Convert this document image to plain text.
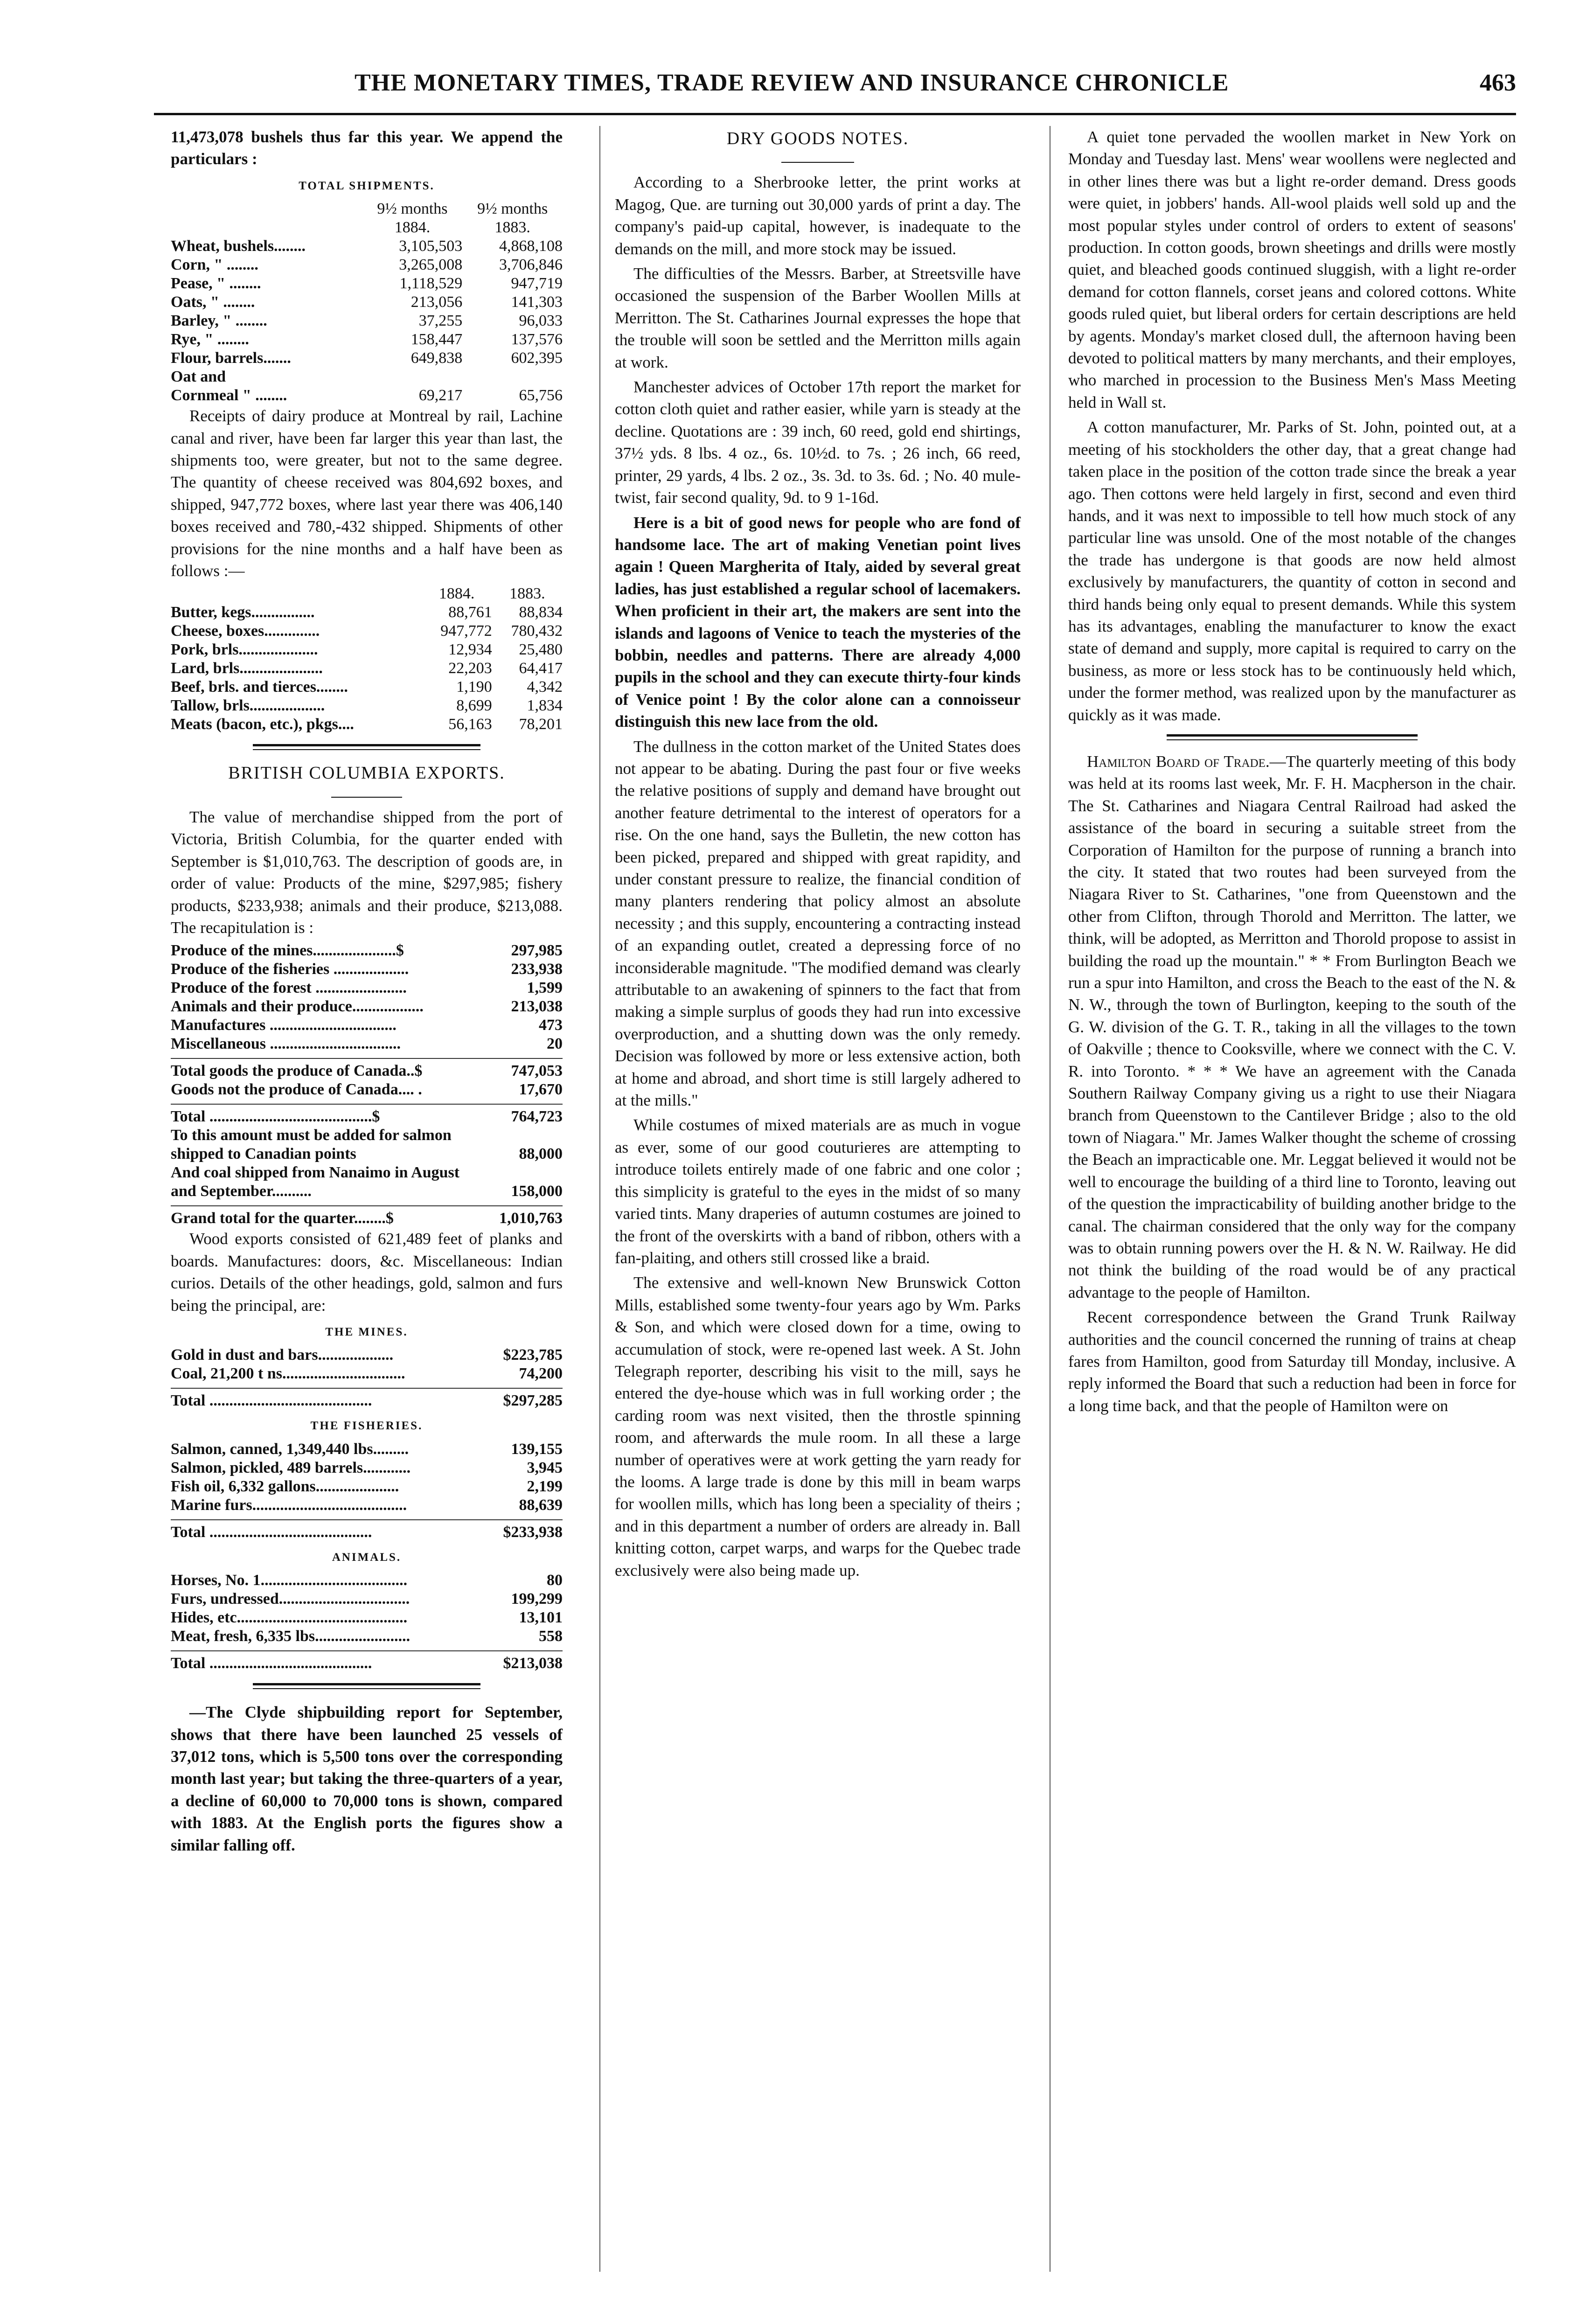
THE MONETARY TIMES, TRADE REVIEW AND INSURANCE CHRONICLE	463

11,473,078 bushels thus far this year. We append the particulars :

TOTAL SHIPMENTS.
	9½ months	9½ months
	1884.	1883.
Wheat, bushels........	3,105,503	4,868,108
Corn, " ........	3,265,008	3,706,846
Pease, " ........	1,118,529	947,719
Oats, " ........	213,056	141,303
Barley, " ........	37,255	96,033
Rye, " ........	158,447	137,576
Flour, barrels.......	649,838	602,395
Oat and		
Cornmeal " ........	69,217	65,756

Receipts of dairy produce at Montreal by rail, Lachine canal and river, have been far larger this year than last, the shipments too, were greater, but not to the same degree. The quantity of cheese received was 804,692 boxes, and shipped, 947,772 boxes, where last year there was 406,140 boxes received and 780,-432 shipped. Shipments of other provisions for the nine months and a half have been as follows :—

	1884.	1883.
Butter, kegs................	88,761	88,834
Cheese, boxes..............	947,772	780,432
Pork, brls....................	12,934	25,480
Lard, brls.....................	22,203	64,417
Beef, brls. and tierces........	1,190	4,342
Tallow, brls...................	8,699	1,834
Meats (bacon, etc.), pkgs....	56,163	78,201
BRITISH COLUMBIA EXPORTS.

The value of merchandise shipped from the port of Victoria, British Columbia, for the quarter ended with September is $1,010,763. The description of goods are, in order of value: Products of the mine, $297,985; fishery products, $233,938; animals and their produce, $213,088. The recapitulation is :

Produce of the mines.....................$	297,985
Produce of the fisheries ...................	233,938
Produce of the forest .......................	1,599
Animals and their produce..................	213,038
Manufactures ................................	473
Miscellaneous .................................	20
Total goods the produce of Canada..$	747,053
Goods not the produce of Canada.... .	17,670
Total .........................................$	764,723
To this amount must be added for salmon shipped to Canadian points	88,000
And coal shipped from Nanaimo in August and September..........	158,000
Grand total for the quarter........$	1,010,763

Wood exports consisted of 621,489 feet of planks and boards. Manufactures: doors, &c. Miscellaneous: Indian curios. Details of the other headings, gold, salmon and furs being the principal, are:

THE MINES.
Gold in dust and bars...................	$223,785
Coal, 21,200 t ns...............................	74,200
Total .........................................	$297,285
THE FISHERIES.
Salmon, canned, 1,349,440 lbs.........	139,155
Salmon, pickled, 489 barrels............	3,945
Fish oil, 6,332 gallons.....................	2,199
Marine furs.......................................	88,639
Total .........................................	$233,938
ANIMALS.
Horses, No. 1.....................................	80
Furs, undressed.................................	199,299
Hides, etc...........................................	13,101
Meat, fresh, 6,335 lbs........................	558
Total .........................................	$213,038

—The Clyde shipbuilding report for September, shows that there have been launched 25 vessels of 37,012 tons, which is 5,500 tons over the corresponding month last year; but taking the three-quarters of a year, a decline of 60,000 to 70,000 tons is shown, compared with 1883. At the English ports the figures show a similar falling off.

DRY GOODS NOTES.

According to a Sherbrooke letter, the print works at Magog, Que. are turning out 30,000 yards of print a day. The company's paid-up capital, however, is inadequate to the demands on the mill, and more stock may be issued.

The difficulties of the Messrs. Barber, at Streetsville have occasioned the suspension of the Barber Woollen Mills at Merritton. The St. Catharines Journal expresses the hope that the trouble will soon be settled and the Merritton mills again at work.

Manchester advices of October 17th report the market for cotton cloth quiet and rather easier, while yarn is steady at the decline. Quotations are : 39 inch, 60 reed, gold end shirtings, 37½ yds. 8 lbs. 4 oz., 6s. 10½d. to 7s. ; 26 inch, 66 reed, printer, 29 yards, 4 lbs. 2 oz., 3s. 3d. to 3s. 6d. ; No. 40 mule-twist, fair second quality, 9d. to 9 1-16d.

Here is a bit of good news for people who are fond of handsome lace. The art of making Venetian point lives again ! Queen Margherita of Italy, aided by several great ladies, has just established a regular school of lacemakers. When proficient in their art, the makers are sent into the islands and lagoons of Venice to teach the mysteries of the bobbin, needles and patterns. There are already 4,000 pupils in the school and they can execute thirty-four kinds of Venice point ! By the color alone can a connoisseur distinguish this new lace from the old.

The dullness in the cotton market of the United States does not appear to be abating. During the past four or five weeks the relative positions of supply and demand have brought out another feature detrimental to the interest of operators for a rise. On the one hand, says the Bulletin, the new cotton has been picked, prepared and shipped with great rapidity, and under constant pressure to realize, the financial condition of many planters rendering that policy almost an absolute necessity ; and this supply, encountering a contracting instead of an expanding outlet, created a depressing force of no inconsiderable magnitude. "The modified demand was clearly attributable to an awakening of spinners to the fact that from making a simple surplus of goods they had run into excessive overproduction, and a shutting down was the only remedy. Decision was followed by more or less extensive action, both at home and abroad, and short time is still largely adhered to at the mills."

While costumes of mixed materials are as much in vogue as ever, some of our good couturieres are attempting to introduce toilets entirely made of one fabric and one color ; this simplicity is grateful to the eyes in the midst of so many varied tints. Many draperies of autumn costumes are joined to the front of the overskirts with a band of ribbon, others with a fan-plaiting, and others still crossed like a braid.

The extensive and well-known New Brunswick Cotton Mills, established some twenty-four years ago by Wm. Parks & Son, and which were closed down for a time, owing to accumulation of stock, were re-opened last week. A St. John Telegraph reporter, describing his visit to the mill, says he entered the dye-house which was in full working order ; the carding room was next visited, then the throstle spinning room, and afterwards the mule room. In all these a large number of operatives were at work getting the yarn ready for the looms. A large trade is done by this mill in beam warps for woollen mills, which has long been a speciality of theirs ; and in this department a number of orders are already in. Ball knitting cotton, carpet warps, and warps for the Quebec trade exclusively were also being made up.

A quiet tone pervaded the woollen market in New York on Monday and Tuesday last. Mens' wear woollens were neglected and in other lines there was but a light re-order demand. Dress goods were quiet, in jobbers' hands. All-wool plaids well sold up and the most popular styles under control of orders to extent of seasons' production. In cotton goods, brown sheetings and drills were mostly quiet, and bleached goods continued sluggish, with a light re-order demand for cotton flannels, corset jeans and colored cottons. White goods ruled quiet, but liberal orders for certain descriptions are held by agents. Monday's market closed dull, the afternoon having been devoted to political matters by many merchants, and their employes, who marched in procession to the Business Men's Mass Meeting held in Wall st.

A cotton manufacturer, Mr. Parks of St. John, pointed out, at a meeting of his stockholders the other day, that a great change had taken place in the position of the cotton trade since the break a year ago. Then cottons were held largely in first, second and even third hands, and it was next to impossible to tell how much stock of any particular line was unsold. One of the most notable of the changes the trade has undergone is that goods are now held almost exclusively by manufacturers, the quantity of cotton in second and third hands being only equal to present demands. While this system has its advantages, enabling the manufacturer to know the exact state of demand and supply, more capital is required to carry on the business, as more or less stock has to be continuously held which, under the former method, was realized upon by the manufacturer as quickly as it was made.

Hamilton Board of Trade.—The quarterly meeting of this body was held at its rooms last week, Mr. F. H. Macpherson in the chair. The St. Catharines and Niagara Central Railroad had asked the assistance of the board in securing a suitable street from the Corporation of Hamilton for the purpose of running a branch into the city. It stated that two routes had been surveyed from the Niagara River to St. Catharines, "one from Queenstown and the other from Clifton, through Thorold and Merritton. The latter, we think, will be adopted, as Merritton and Thorold propose to assist in building the road up the mountain." * * From Burlington Beach we run a spur into Hamilton, and cross the Beach to the east of the N. & N. W., through the town of Burlington, keeping to the south of the G. W. division of the G. T. R., taking in all the villages to the town of Oakville ; thence to Cooksville, where we connect with the C. V. R. into Toronto. * * * We have an agreement with the Canada Southern Railway Company giving us a right to use their Niagara branch from Queenstown to the Cantilever Bridge ; also to the old town of Niagara." Mr. James Walker thought the scheme of crossing the Beach an impracticable one. Mr. Leggat believed it would not be well to encourage the building of a third line to Toronto, leaving out of the question the impracticability of building another bridge to the canal. The chairman considered that the only way for the company was to obtain running powers over the H. & N. W. Railway. He did not think the building of the road would be of any practical advantage to the people of Hamilton.

Recent correspondence between the Grand Trunk Railway authorities and the council concerned the running of trains at cheap fares from Hamilton, good from Saturday till Monday, inclusive. A reply informed the Board that such a reduction had been in force for a long time back, and that the people of Hamilton were on
